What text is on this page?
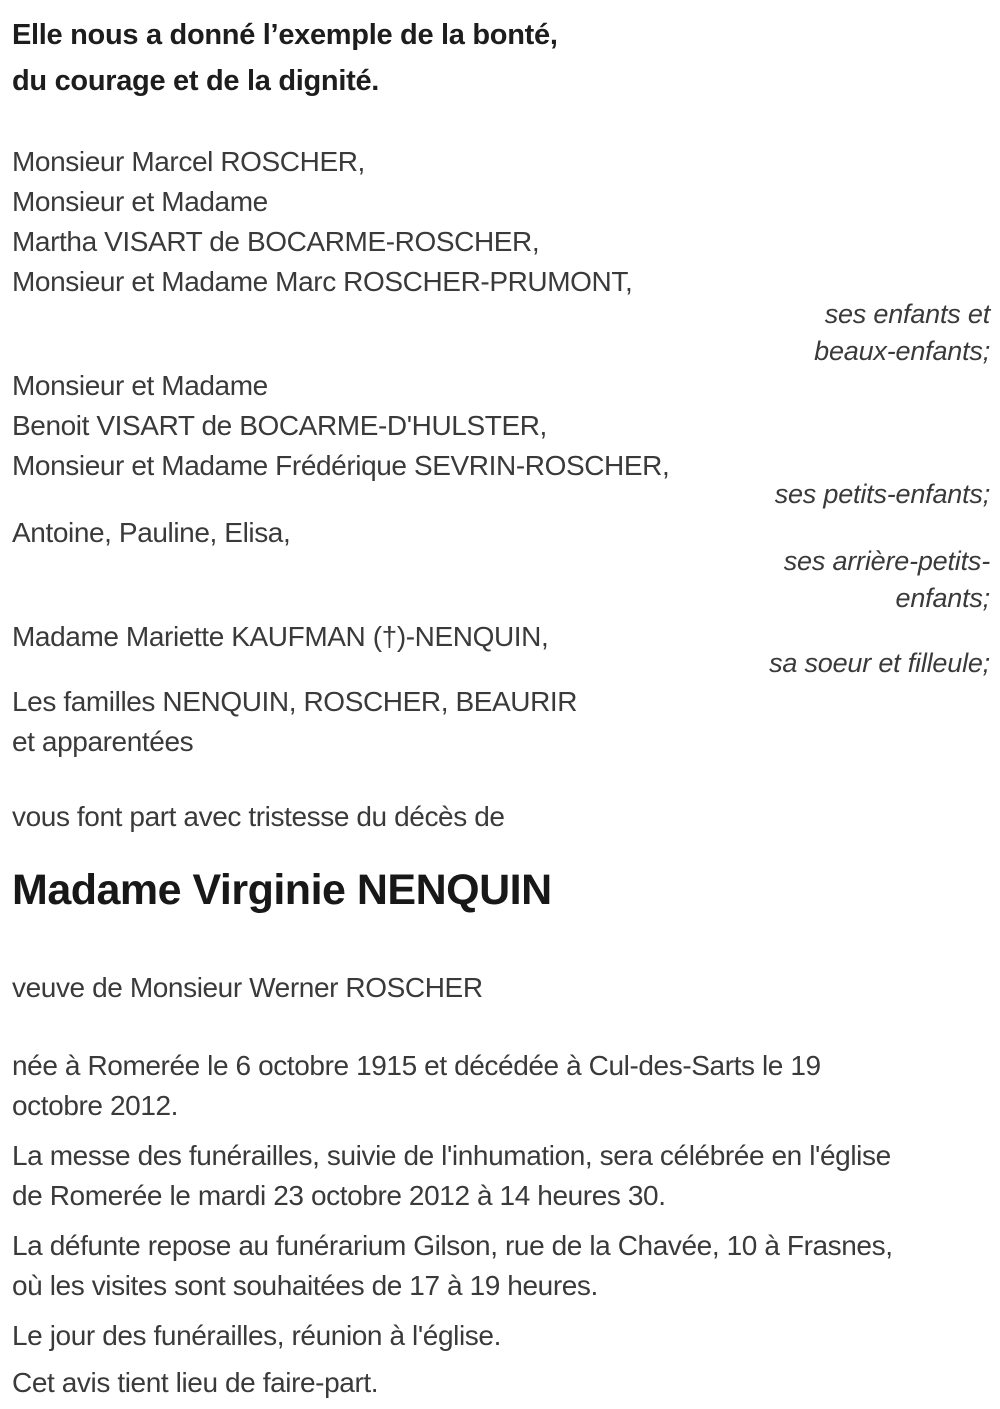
Elle nous a donné l’exemple de la bonté,
du courage et de la dignité.
Monsieur Marcel ROSCHER,
Monsieur et Madame
Martha VISART de BOCARME-ROSCHER,
Monsieur et Madame Marc ROSCHER-PRUMONT,
ses enfants et
beaux-enfants;
Monsieur et Madame
Benoit VISART de BOCARME-D'HULSTER,
Monsieur et Madame Frédérique SEVRIN-ROSCHER,
ses petits-enfants;
Antoine, Pauline, Elisa,
ses arrière-petits-
enfants;
Madame Mariette KAUFMAN (†)-NENQUIN,
sa soeur et filleule;
Les familles NENQUIN, ROSCHER, BEAURIR
et apparentées
vous font part avec tristesse du décès de
Madame Virginie NENQUIN
veuve de Monsieur Werner ROSCHER
née à Romerée le 6 octobre 1915 et décédée à Cul-des-Sarts le 19
octobre 2012.
La messe des funérailles, suivie de l'inhumation, sera célébrée en l'église
de Romerée le mardi 23 octobre 2012 à 14 heures 30.
La défunte repose au funérarium Gilson, rue de la Chavée, 10 à Frasnes,
où les visites sont souhaitées de 17 à 19 heures.
Le jour des funérailles, réunion à l'église.
Cet avis tient lieu de faire-part.
